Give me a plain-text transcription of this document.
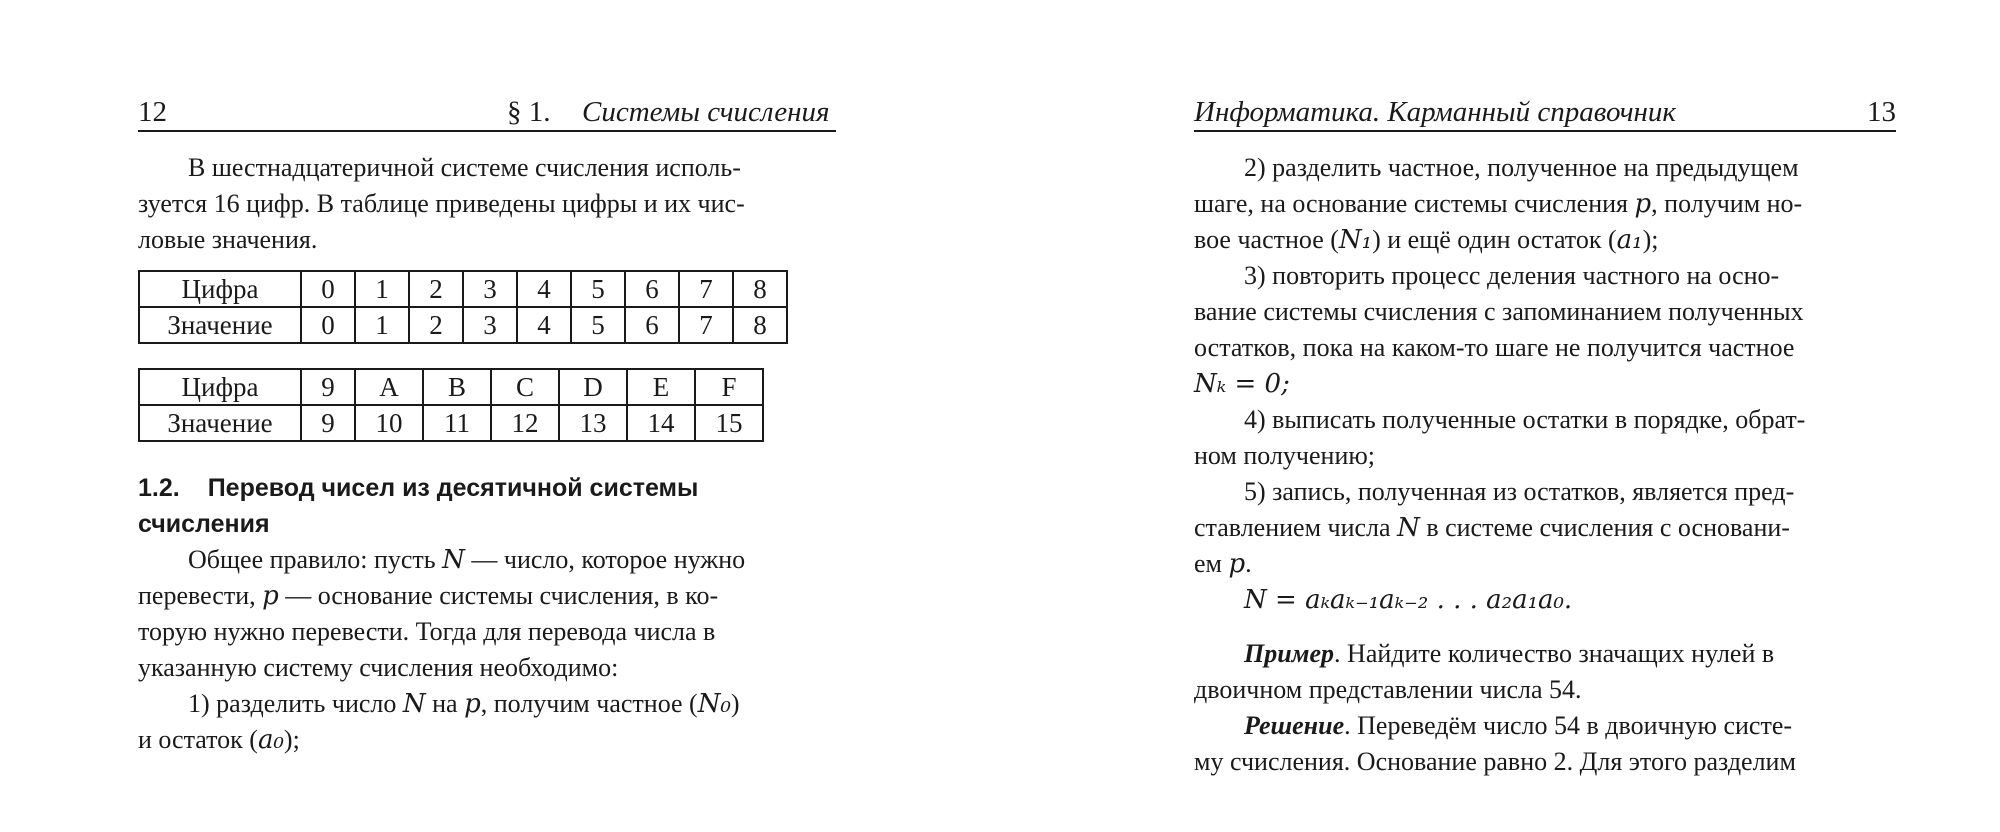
12	§ 1. Системы счисления

В шестнадцатеричной системе счисления исполь-

зуется 16 цифр. В таблице приведены цифры и их чис-

ловые значения.

Цифра	0	1	2	3	4	5	6	7	8
Значение	0	1	2	3	4	5	6	7	8
Цифра	9	A	B	C	D	E	F
Значение	9	10	11	12	13	14	15

1.2. Перевод чисел из десятичной системы

счисления

Общее правило: пусть N — число, которое нужно

перевести, p — основание системы счисления, в ко-

торую нужно перевести. Тогда для перевода числа в

указанную систему счисления необходимо:

1) разделить число N на p, получим частное (N₀)

и остаток (a₀);

Информатика. Карманный справочник	13

2) разделить частное, полученное на предыдущем

шаге, на основание системы счисления p, получим но-

вое частное (N₁) и ещё один остаток (a₁);

3) повторить процесс деления частного на осно-

вание системы счисления с запоминанием полученных

остатков, пока на каком-то шаге не получится частное

Nₖ = 0;

4) выписать полученные остатки в порядке, обрат-

ном получению;

5) запись, полученная из остатков, является пред-

ставлением числа N в системе счисления с основани-

ем p.

N = aₖaₖ₋₁aₖ₋₂ . . . a₂a₁a₀.

Пример. Найдите количество значащих нулей в

двоичном представлении числа 54.

Решение. Переведём число 54 в двоичную систе-

му счисления. Основание равно 2. Для этого разделим
